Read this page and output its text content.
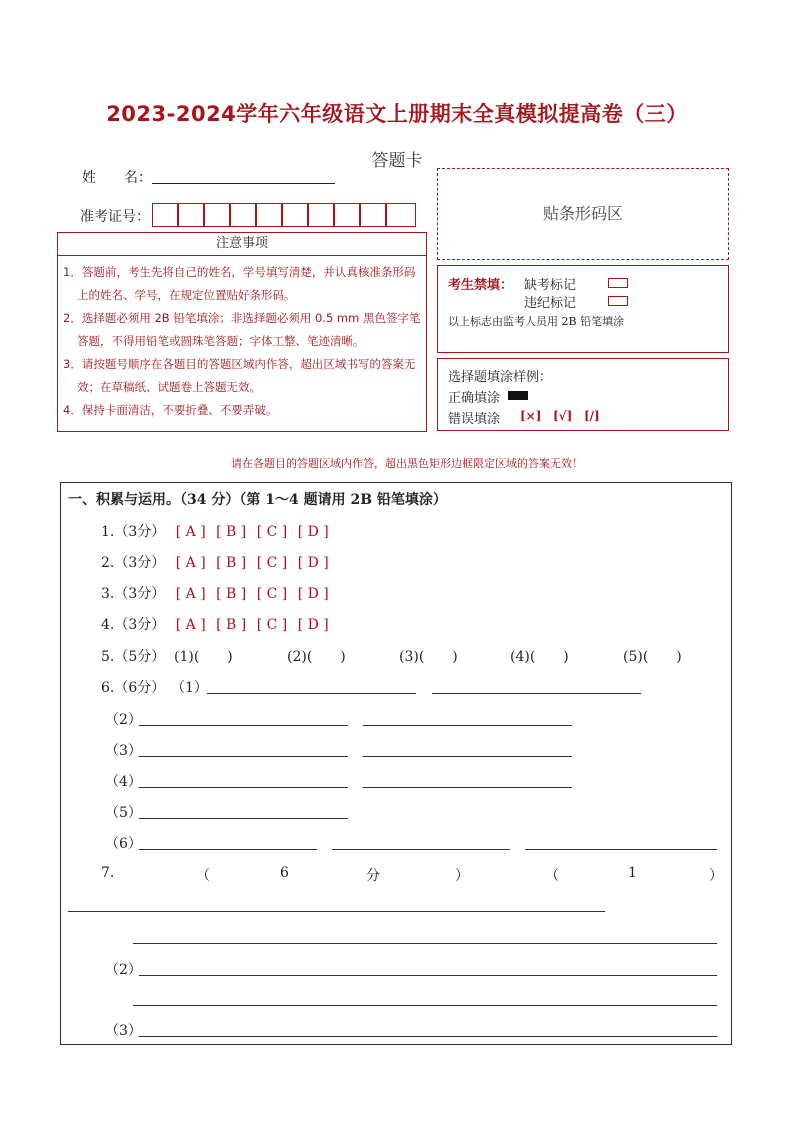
2023-2024学年六年级语文上册期末全真模拟提高卷（三）
答题卡
姓　　名：
准考证号：	贴条形码区
注意事项
1．答题前，考生先将自己的姓名，学号填写清楚，并认真核准条形码上的姓名、学号，在规定位置贴好条形码。
2．选择题必须用 2B 铅笔填涂；非选择题必须用 0.5 mm 黑色签字笔答题，不得用铅笔或圆珠笔答题；字体工整、笔迹清晰。
3．请按题号顺序在各题目的答题区域内作答，超出区域书写的答案无效；在草稿纸、试题卷上答题无效。
4．保持卡面清洁，不要折叠、不要弄破。
考生禁填： 缺考标记
违纪标记
以上标志由监考人员用 2B 铅笔填涂
选择题填涂样例：
正确填涂
错误填涂 [×] [√] [/]
请在各题目的答题区域内作答，超出黑色矩形边框限定区域的答案无效！
一、积累与运用。（34 分）（第 1～4 题请用 2B 铅笔填涂）
1.（3分） [ A ] [ B ] [ C ] [ D ]
2.（3分） [ A ] [ B ] [ C ] [ D ]
3.（3分） [ A ] [ B ] [ C ] [ D ]
4.（3分） [ A ] [ B ] [ C ] [ D ]
5.（5分） (1)(　　)	(2)(　　)	(3)(　　)	(4)(　　)	(5)(　　)
6.（6分） （1）
（2）
（3）
（4）
（5）
（6）
7.	（	6	分	）	（	1	）
（2）
（3）
